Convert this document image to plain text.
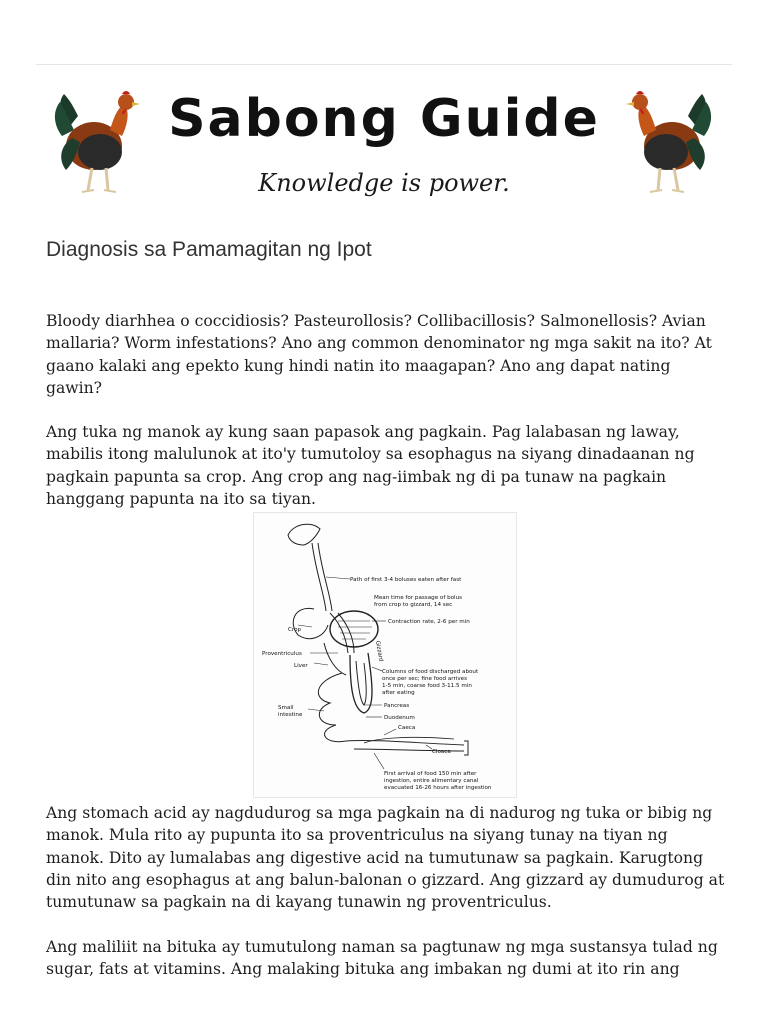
Sabong Guide
Knowledge is power.
Diagnosis sa Pamamagitan ng Ipot

Bloody diarhhea o coccidiosis? Pasteurollosis? Collibacillosis? Salmonellosis? Avian mallaria? Worm infestations? Ano ang common denominator ng mga sakit na ito? At gaano kalaki ang epekto kung hindi natin ito maagapan? Ano ang dapat nating gawin?

Ang tuka ng manok ay kung saan papasok ang pagkain. Pag lalabasan ng laway, mabilis itong malulunok at ito'y tumutoloy sa esophagus na siyang dinadaanan ng pagkain papunta sa crop. Ang crop ang nag-iimbak ng di pa tunaw na pagkain hanggang papunta na ito sa tiyan.

Path of first 3-4 boluses eaten after fast
Mean time for passage of bolus
from crop to gizzard, 14 sec
Contraction rate, 2-6 per min
Gizzard
Crop
Proventriculus
Liver
Columns of food discharged about
once per sec; fine food arrives
1-5 min, coarse food 3-11.5 min
after eating
Small
intestine
Pancreas
Duodenum
Caeca
Cloaca
First arrival of food 150 min after
ingestion, entire alimentary canal
evacuated 16-26 hours after ingestion

Ang stomach acid ay nagdudurog sa mga pagkain na di nadurog ng tuka or bibig ng manok. Mula rito ay pupunta ito sa proventriculus na siyang tunay na tiyan ng manok. Dito ay lumalabas ang digestive acid na tumutunaw sa pagkain. Karugtong din nito ang esophagus at ang balun-balonan o gizzard. Ang gizzard ay dumudurog at tumutunaw sa pagkain na di kayang tunawin ng proventriculus.

Ang maliliit na bituka ay tumutulong naman sa pagtunaw ng mga sustansya tulad ng sugar, fats at vitamins. Ang malaking bituka ang imbakan ng dumi at ito rin ang
